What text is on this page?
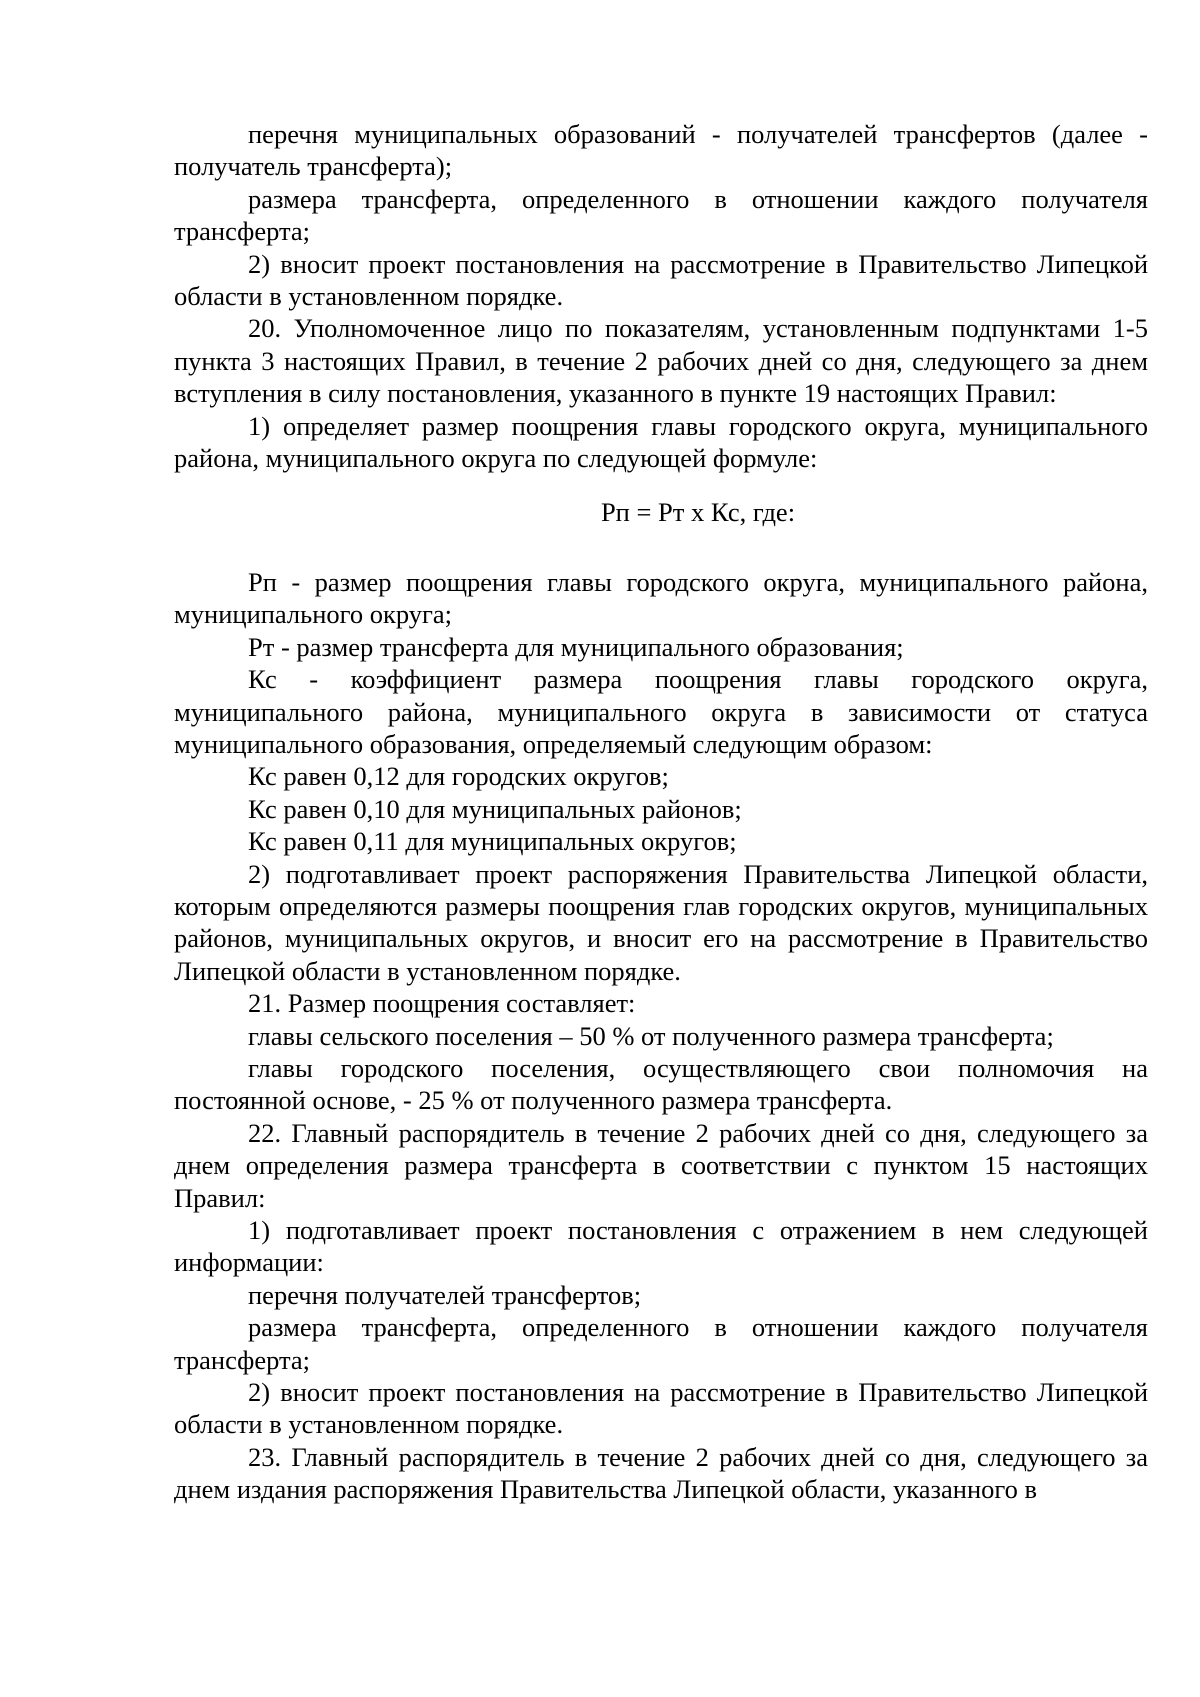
перечня муниципальных образований - получателей трансфертов (далее - получатель трансферта);

размера трансферта, определенного в отношении каждого получателя трансферта;

2) вносит проект постановления на рассмотрение в Правительство Липецкой области в установленном порядке.

20. Уполномоченное лицо по показателям, установленным подпунктами 1-5 пункта 3 настоящих Правил, в течение 2 рабочих дней со дня, следующего за днем вступления в силу постановления, указанного в пункте 19 настоящих Правил:

1) определяет размер поощрения главы городского округа, муниципального района, муниципального округа по следующей формуле:

Рп = Рт х Кс, где:

Рп - размер поощрения главы городского округа, муниципального района, муниципального округа;

Рт - размер трансферта для муниципального образования;

Кс - коэффициент размера поощрения главы городского округа, муниципального района, муниципального округа в зависимости от статуса муниципального образования, определяемый следующим образом:

Кс равен 0,12 для городских округов;

Кс равен 0,10 для муниципальных районов;

Кс равен 0,11 для муниципальных округов;

2) подготавливает проект распоряжения Правительства Липецкой области, которым определяются размеры поощрения глав городских округов, муниципальных районов, муниципальных округов, и вносит его на рассмотрение в Правительство Липецкой области в установленном порядке.

21. Размер поощрения составляет:

главы сельского поселения – 50 % от полученного размера трансферта;

главы городского поселения, осуществляющего свои полномочия на постоянной основе, - 25 % от полученного размера трансферта.

22. Главный распорядитель в течение 2 рабочих дней со дня, следующего за днем определения размера трансферта в соответствии с пунктом 15 настоящих Правил:

1) подготавливает проект постановления с отражением в нем следующей информации:

перечня получателей трансфертов;

размера трансферта, определенного в отношении каждого получателя трансферта;

2) вносит проект постановления на рассмотрение в Правительство Липецкой области в установленном порядке.

23. Главный распорядитель в течение 2 рабочих дней со дня, следующего за днем издания распоряжения Правительства Липецкой области, указанного в
